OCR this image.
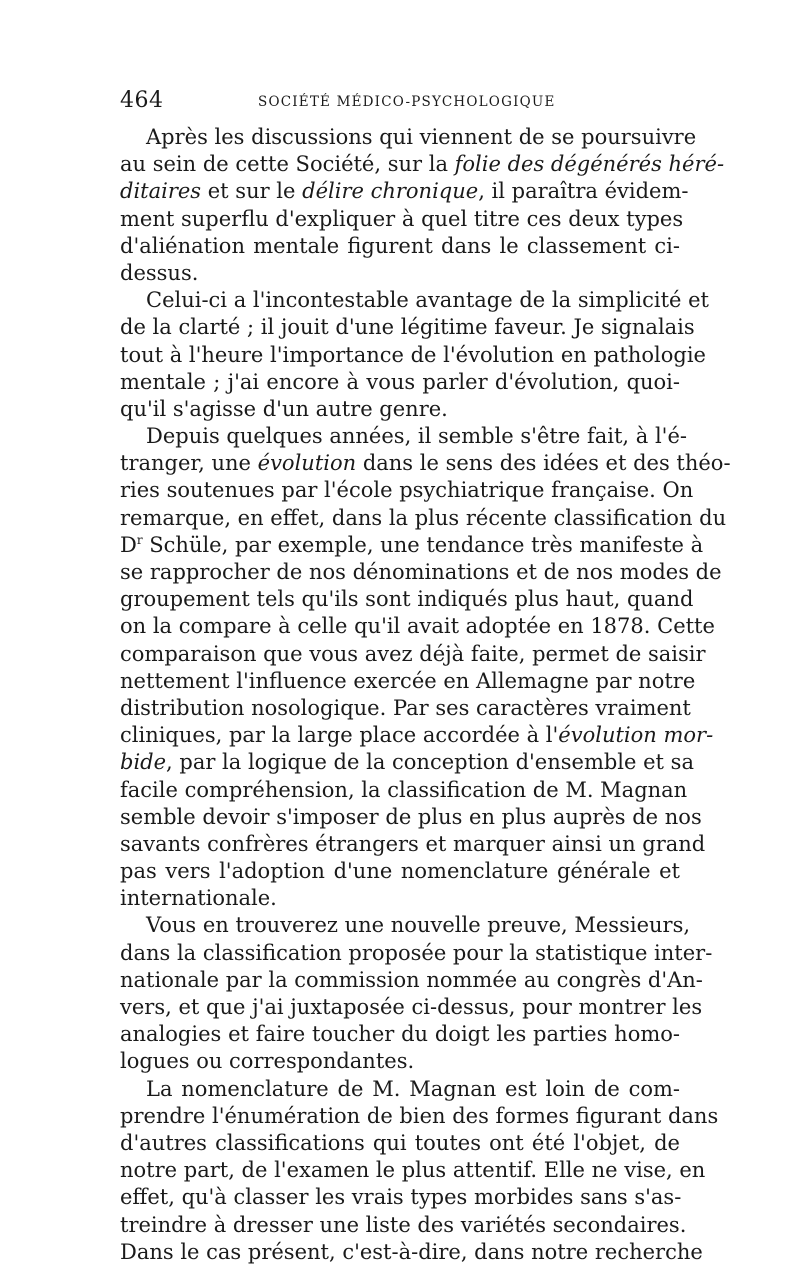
464	SOCIÉTÉ MÉDICO-PSYCHOLOGIQUE
Après les discussions qui viennent de se poursuivre
au sein de cette Société, sur la folie des dégénérés héré-
ditaires et sur le délire chronique, il paraîtra évidem-
ment superflu d'expliquer à quel titre ces deux types
d'aliénation mentale figurent dans le classement ci-
dessus.
Celui-ci a l'incontestable avantage de la simplicité et
de la clarté ; il jouit d'une légitime faveur. Je signalais
tout à l'heure l'importance de l'évolution en pathologie
mentale ; j'ai encore à vous parler d'évolution, quoi-
qu'il s'agisse d'un autre genre.
Depuis quelques années, il semble s'être fait, à l'é-
tranger, une évolution dans le sens des idées et des théo-
ries soutenues par l'école psychiatrique française. On
remarque, en effet, dans la plus récente classification du
$D^r$ Schüle, par exemple, une tendance très manifeste à
se rapprocher de nos dénominations et de nos modes de
groupement tels qu'ils sont indiqués plus haut, quand
on la compare à celle qu'il avait adoptée en 1878. Cette
comparaison que vous avez déjà faite, permet de saisir
nettement l'influence exercée en Allemagne par notre
distribution nosologique. Par ses caractères vraiment
cliniques, par la large place accordée à l'évolution mor-
bide, par la logique de la conception d'ensemble et sa
facile compréhension, la classification de M. Magnan
semble devoir s'imposer de plus en plus auprès de nos
savants confrères étrangers et marquer ainsi un grand
pas vers l'adoption d'une nomenclature générale et
internationale.
Vous en trouverez une nouvelle preuve, Messieurs,
dans la classification proposée pour la statistique inter-
nationale par la commission nommée au congrès d'An-
vers, et que j'ai juxtaposée ci-dessus, pour montrer les
analogies et faire toucher du doigt les parties homo-
logues ou correspondantes.
La nomenclature de M. Magnan est loin de com-
prendre l'énumération de bien des formes figurant dans
d'autres classifications qui toutes ont été l'objet, de
notre part, de l'examen le plus attentif. Elle ne vise, en
effet, qu'à classer les vrais types morbides sans s'as-
treindre à dresser une liste des variétés secondaires.
Dans le cas présent, c'est-à-dire, dans notre recherche
